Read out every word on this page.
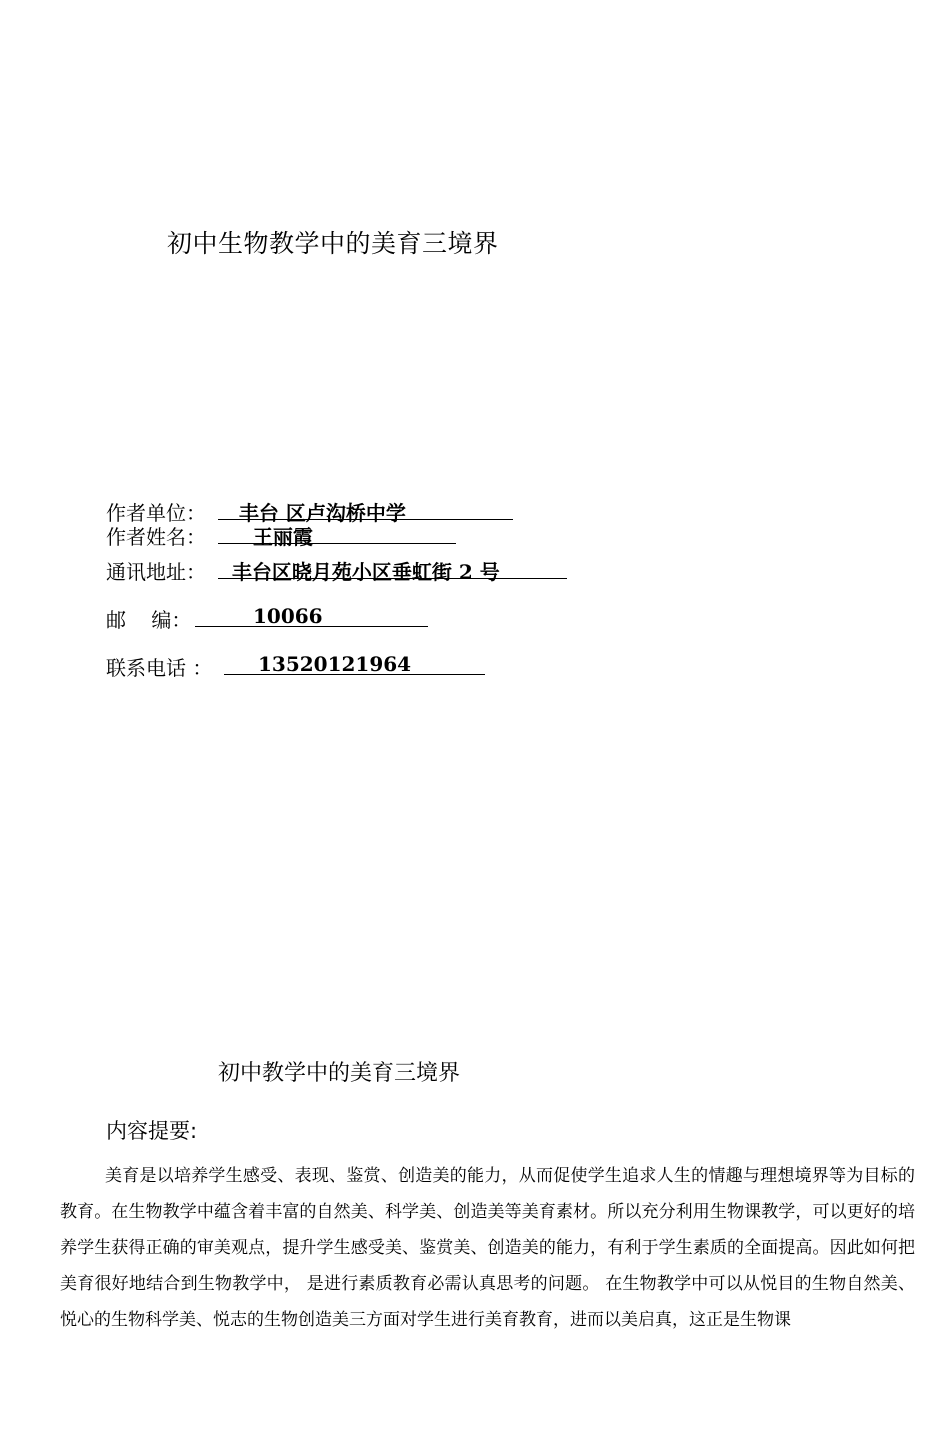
初中生物教学中的美育三境界
作者单位： 丰台 区卢沟桥中学
作者姓名： 王丽霞
通讯地址： 丰台区晓月苑小区垂虹街 2 号
邮    编：	10066
联系电话 ： 13520121964
初中教学中的美育三境界
内容提要:
美育是以培养学生感受、表现、鉴赏、创造美的能力，从而促使学生追求人生的情趣与理想境界等为目标的教育。在生物教学中蕴含着丰富的自然美、科学美、创造美等美育素材。所以充分利用生物课教学，可以更好的培养学生获得正确的审美观点，提升学生感受美、鉴赏美、创造美的能力，有利于学生素质的全面提高。因此如何把美育很好地结合到生物教学中， 是进行素质教育必需认真思考的问题。 在生物教学中可以从悦目的生物自然美、悦心的生物科学美、悦志的生物创造美三方面对学生进行美育教育，进而以美启真，这正是生物课
